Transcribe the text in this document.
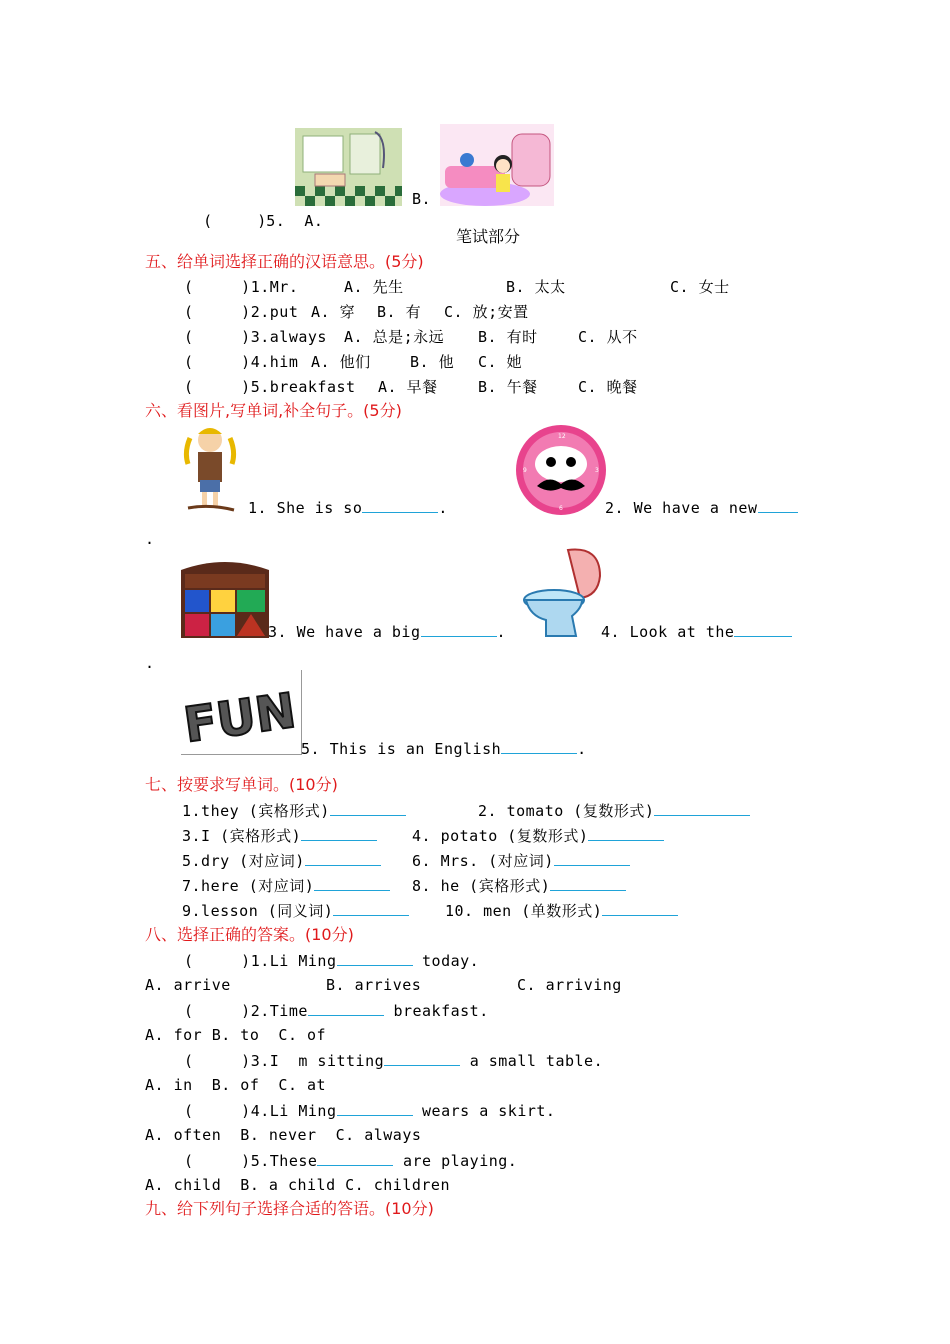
(     )5. A.

B.
笔试部分
五、给单词选择正确的汉语意思。(5分)
(     )1.Mr.	A. 先生	B. 太太	C. 女士
(     )2.put A. 穿 B. 有 C. 放;安置
(     )3.always A. 总是;永远 B. 有时	C. 从不
(     )4.him A. 他们	B. 他 C. 她
(     )5.breakfast A. 早餐	B. 午餐	C. 晚餐
六、看图片,写单词,补全句子。(5分)
1. She is so	.
12
3
6
9
2. We have a new
.
3. We have a big	.	4. Look at the
.
FUN 5. This is an English	.
七、按要求写单词。(10分)
1.they (宾格形式)	2. tomato (复数形式)
3.I (宾格形式)	4. potato (复数形式)
5.dry (对应词)	6. Mrs. (对应词)
7.here (对应词)	8. he (宾格形式)
9.lesson (同义词)	10. men (单数形式)
八、选择正确的答案。(10分)
(     )1.Li Ming	today.
A. arrive	B. arrives	C. arriving
(     )2.Time	breakfast.
A. for B. to  C. of
(     )3.I  m sitting	a small table.
A. in  B. of  C. at
(     )4.Li Ming	wears a skirt.
A. often  B. never  C. always
(     )5.These	are playing.
A. child  B. a child C. children
九、给下列句子选择合适的答语。(10分)
